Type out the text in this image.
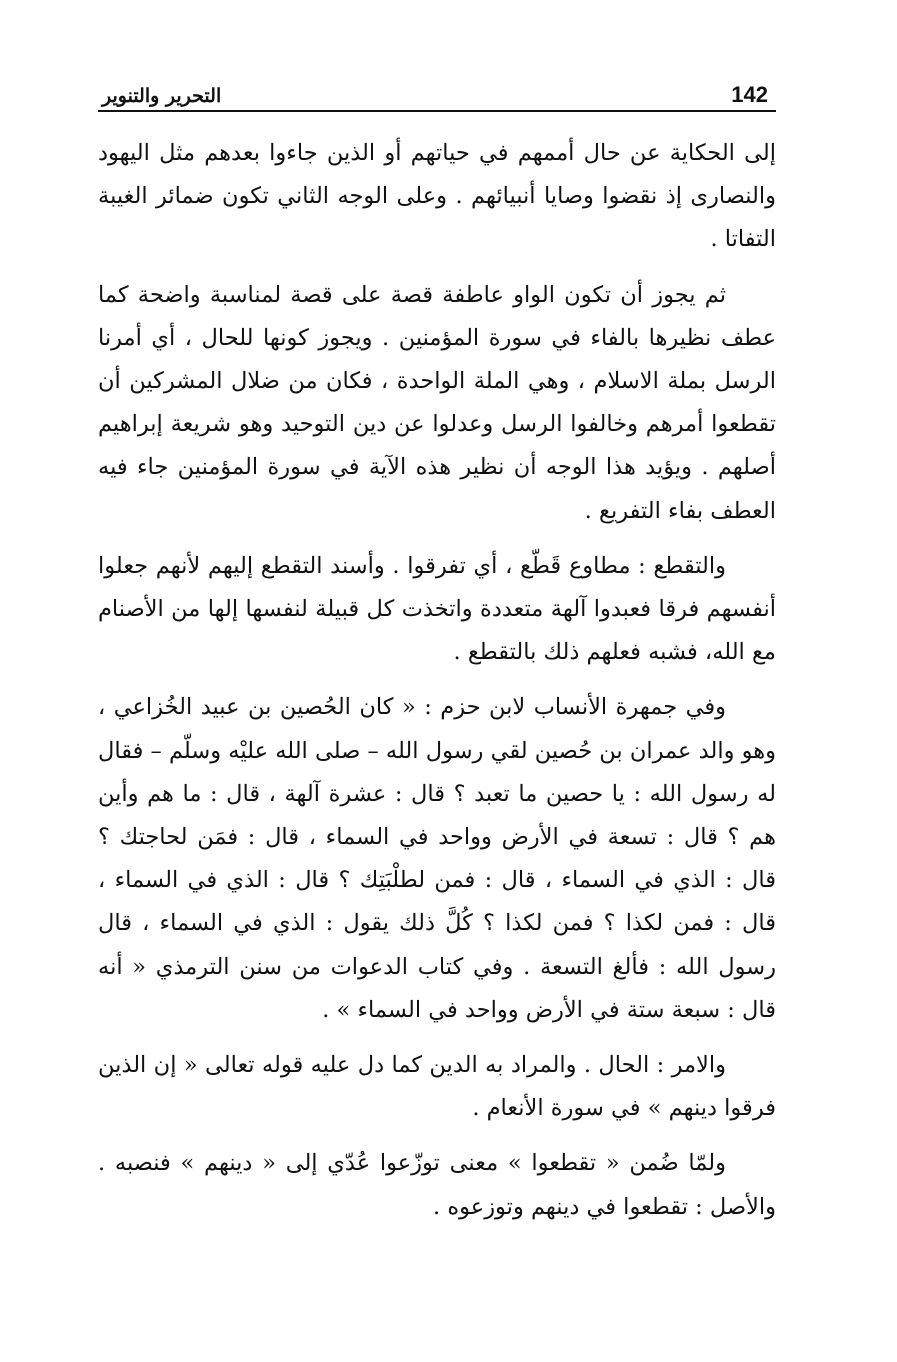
142
التحرير والتنوير

إلى الحكاية عن حال أممهم في حياتهم أو الذين جاءوا بعدهم مثل اليهود والنصارى إذ نقضوا وصايا أنبيائهم . وعلى الوجه الثاني تكون ضمائر الغيبة التفاتا .

ثم يجوز أن تكون الواو عاطفة قصة على قصة لمناسبة واضحة كما عطف نظيرها بالفاء في سورة المؤمنين . ويجوز كونها للحال ، أي أمرنا الرسل بملة الاسلام ، وهي الملة الواحدة ، فكان من ضلال المشركين أن تقطعوا أمرهم وخالفوا الرسل وعدلوا عن دين التوحيد وهو شريعة إبراهيم أصلهم . ويؤيد هذا الوجه أن نظير هذه الآية في سورة المؤمنين جاء فيه العطف بفاء التفريع .

والتقطع : مطاوع قَطّع ، أي تفرقوا . وأسند التقطع إليهم لأنهم جعلوا أنفسهم فرقا فعبدوا آلهة متعددة واتخذت كل قبيلة لنفسها إلها من الأصنام مع الله، فشبه فعلهم ذلك بالتقطع .

وفي جمهرة الأنساب لابن حزم : « كان الحُصين بن عبيد الخُزاعي ، وهو والد عمران بن حُصين لقي رسول الله – صلى الله عليْه وسلّم – فقال له رسول الله : يا حصين ما تعبد ؟ قال : عشرة آلهة ، قال : ما هم وأين هم ؟ قال : تسعة في الأرض وواحد في السماء ، قال : فمَن لحاجتك ؟ قال : الذي في السماء ، قال : فمن لطلْبَتِك ؟ قال : الذي في السماء ، قال : فمن لكذا ؟ فمن لكذا ؟ كُلَّ ذلك يقول : الذي في السماء ، قال رسول الله : فألغ التسعة . وفي كتاب الدعوات من سنن الترمذي « أنه قال : سبعة ستة في الأرض وواحد في السماء » .

والامر : الحال . والمراد به الدين كما دل عليه قوله تعالى « إن الذين فرقوا دينهم » في سورة الأنعام .

ولمّا ضُمن « تقطعوا » معنى توزّعوا عُدّي إلى « دينهم » فنصبه . والأصل : تقطعوا في دينهم وتوزعوه .
